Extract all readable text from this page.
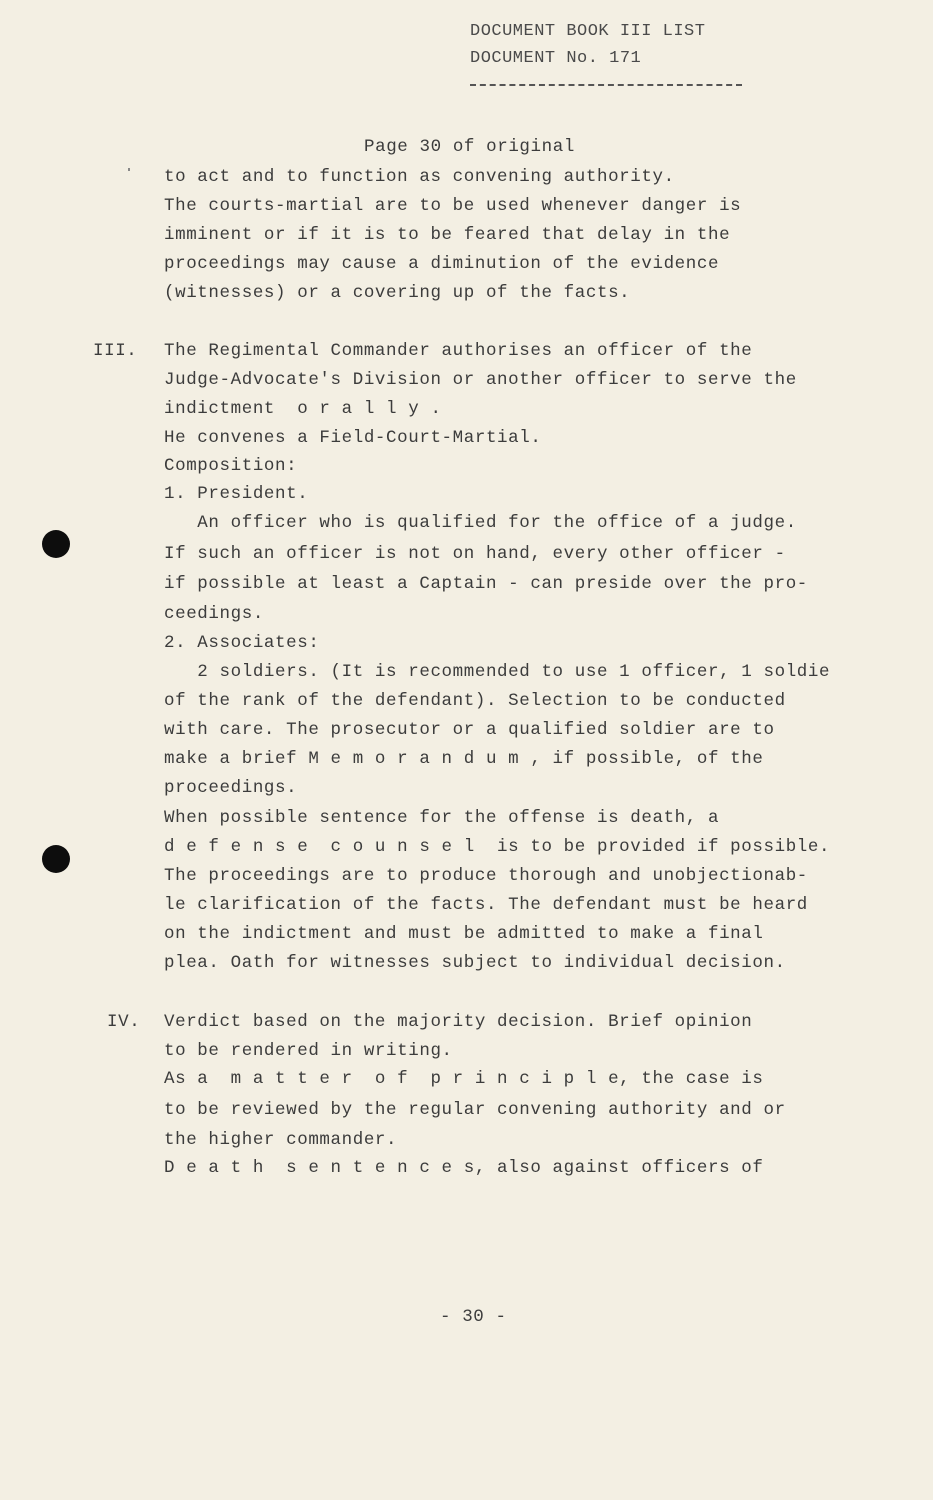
DOCUMENT BOOK III LIST
DOCUMENT No. 171
Page 30 of original
to act and to function as convening authority.
The courts-martial are to be used whenever danger is
imminent or if it is to be feared that delay in the
proceedings may cause a diminution of the evidence
(witnesses) or a covering up of the facts.
III. The Regimental Commander authorises an officer of the
Judge-Advocate's Division or another officer to serve the
indictment  o r a l l y .
He convenes a Field-Court-Martial.
Composition:
1. President.
An officer who is qualified for the office of a judge.
If such an officer is not on hand, every other officer -
if possible at least a Captain - can preside over the pro-
ceedings.
2. Associates:
2 soldiers. (It is recommended to use 1 officer, 1 soldie
of the rank of the defendant). Selection to be conducted
with care. The prosecutor or a qualified soldier are to
make a brief M e m o r a n d u m , if possible, of the
proceedings.
When possible sentence for the offense is death, a
d e f e n s e  c o u n s e l  is to be provided if possible.
The proceedings are to produce thorough and unobjectionab-
le clarification of the facts. The defendant must be heard
on the indictment and must be admitted to make a final
plea. Oath for witnesses subject to individual decision.
IV. Verdict based on the majority decision. Brief opinion
to be rendered in writing.
As a  m a t t e r  o f  p r i n c i p l e, the case is
to be reviewed by the regular convening authority and or
the higher commander.
D e a t h  s e n t e n c e s, also against officers of
- 30 -
